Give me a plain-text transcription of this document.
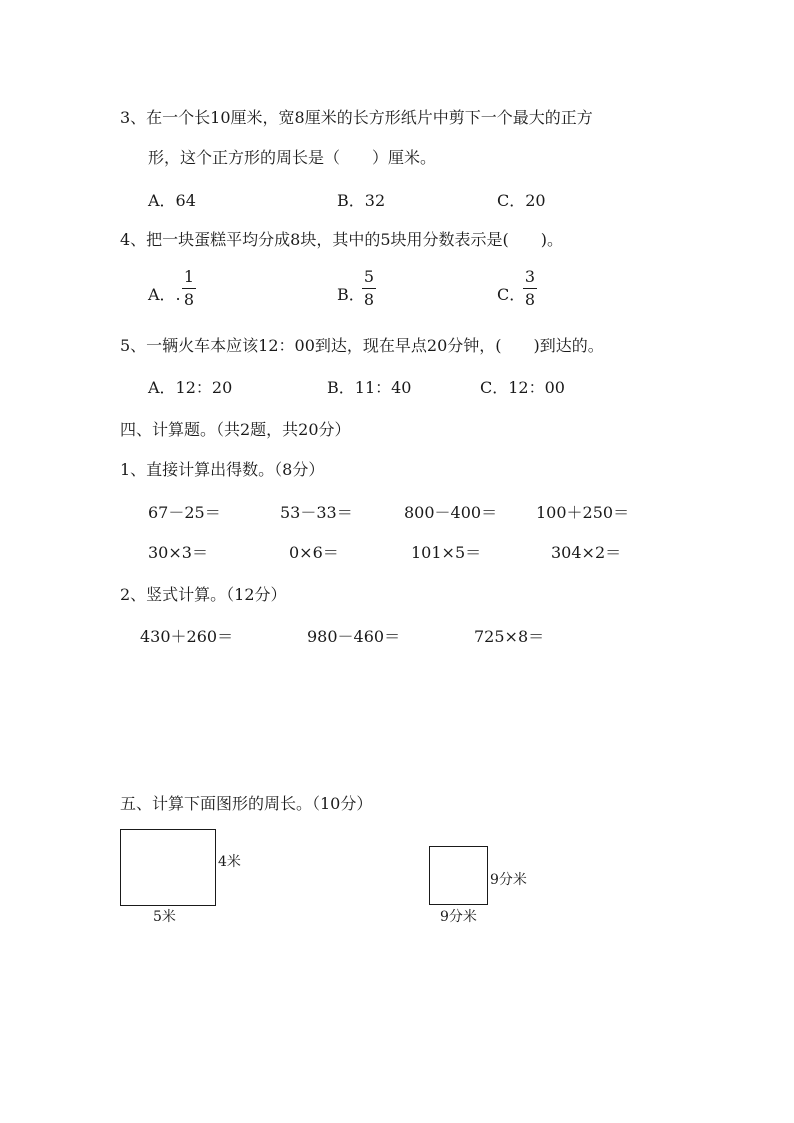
3、在一个长10厘米，宽8厘米的长方形纸片中剪下一个最大的正方
形，这个正方形的周长是（　　）厘米。
A．64	B．32	C．20
4、把一块蛋糕平均分成8块，其中的5块用分数表示是(　　)。
A．.
1
8	B．
5
8	C．
3
8
5、一辆火车本应该12：00到达，现在早点20分钟，(　　)到达的。
A．12：20	B．11：40	C．12：00
四、计算题。（共2题，共20分）
1、直接计算出得数。（8分）
67－25＝	53－33＝	800－400＝ 100＋250＝
30×3＝	0×6＝	101×5＝	304×2＝
2、竖式计算。（12分）
430＋260＝	980－460＝	725×8＝
五、计算下面图形的周长。（10分）
4米
5米
9分米
9分米
